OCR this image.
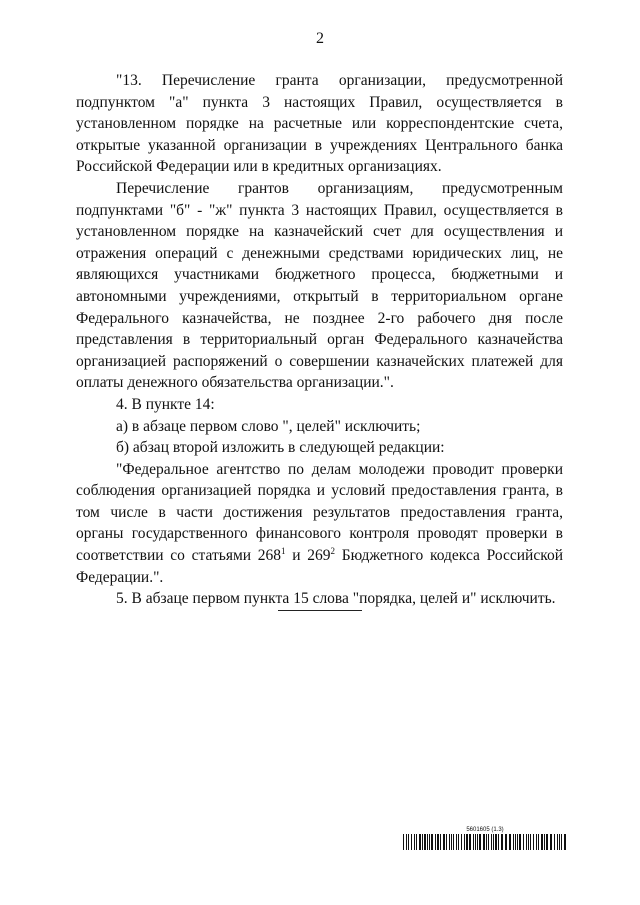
2

"13. Перечисление гранта организации, предусмотренной подпунктом "а" пункта 3 настоящих Правил, осуществляется в установленном порядке на расчетные или корреспондентские счета, открытые указанной организации в учреждениях Центрального банка Российской Федерации или в кредитных организациях.

Перечисление грантов организациям, предусмотренным подпунктами "б" - "ж" пункта 3 настоящих Правил, осуществляется в установленном порядке на казначейский счет для осуществления и отражения операций с денежными средствами юридических лиц, не являющихся участниками бюджетного процесса, бюджетными и автономными учреждениями, открытый в территориальном органе Федерального казначейства, не позднее 2-го рабочего дня после представления в территориальный орган Федерального казначейства организацией распоряжений о совершении казначейских платежей для оплаты денежного обязательства организации.".

4. В пункте 14:

а) в абзаце первом слово ", целей" исключить;

б) абзац второй изложить в следующей редакции:

"Федеральное агентство по делам молодежи проводит проверки соблюдения организацией порядка и условий предоставления гранта, в том числе в части достижения результатов предоставления гранта, органы государственного финансового контроля проводят проверки в соответствии со статьями $268^1$ и $269^2$ Бюджетного кодекса Российской Федерации.".

5. В абзаце первом пункта 15 слова "порядка, целей и" исключить.

5601605 (1.3)
